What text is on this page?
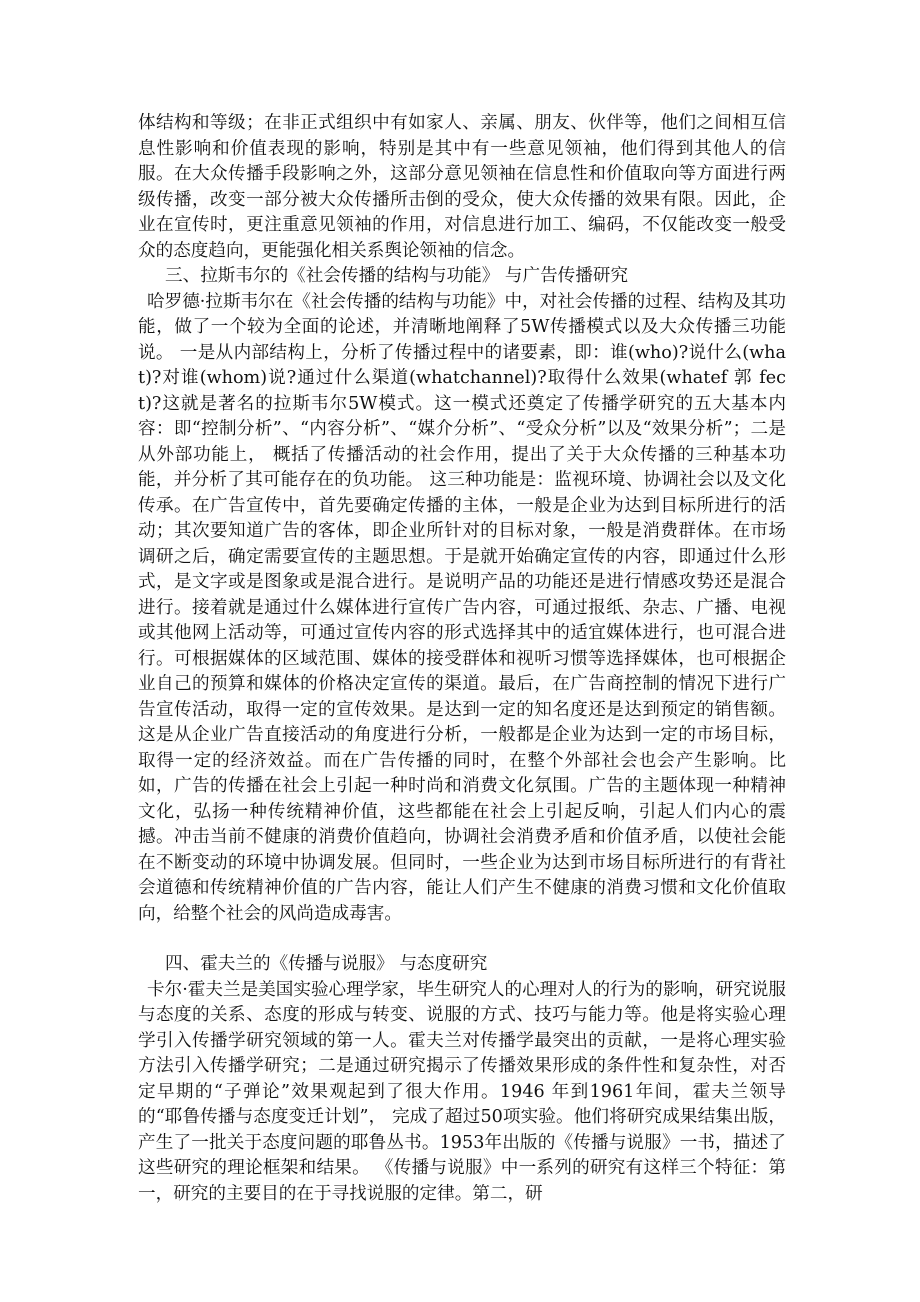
体结构和等级；在非正式组织中有如家人、亲属、朋友、伙伴等，他们之间相互信息性影响和价值表现的影响，特别是其中有一些意见领袖，他们得到其他人的信服。在大众传播手段影响之外，这部分意见领袖在信息性和价值取向等方面进行两级传播，改变一部分被大众传播所击倒的受众，使大众传播的效果有限。因此，企业在宣传时，更注重意见领袖的作用，对信息进行加工、编码，不仅能改变一般受众的态度趋向，更能强化相关系舆论领袖的信念。

三、拉斯韦尔的《社会传播的结构与功能》 与广告传播研究

哈罗德·拉斯韦尔在《社会传播的结构与功能》中，对社会传播的过程、结构及其功能，做了一个较为全面的论述，并清晰地阐释了5W传播模式以及大众传播三功能说。 一是从内部结构上，分析了传播过程中的诸要素，即：谁(who)?说什么(what)?对谁(whom)说?通过什么渠道(whatchannel)?取得什么效果(whatef 郭 fect)?这就是著名的拉斯韦尔5W模式。这一模式还奠定了传播学研究的五大基本内容：即“控制分析”、“内容分析”、“媒介分析”、“受众分析”以及“效果分析”；二是从外部功能上， 概括了传播活动的社会作用，提出了关于大众传播的三种基本功能，并分析了其可能存在的负功能。 这三种功能是：监视环境、协调社会以及文化传承。在广告宣传中，首先要确定传播的主体，一般是企业为达到目标所进行的活动；其次要知道广告的客体，即企业所针对的目标对象，一般是消费群体。在市场调研之后，确定需要宣传的主题思想。于是就开始确定宣传的内容，即通过什么形式，是文字或是图象或是混合进行。是说明产品的功能还是进行情感攻势还是混合进行。接着就是通过什么媒体进行宣传广告内容，可通过报纸、杂志、广播、电视或其他网上活动等，可通过宣传内容的形式选择其中的适宜媒体进行，也可混合进行。可根据媒体的区域范围、媒体的接受群体和视听习惯等选择媒体，也可根据企业自己的预算和媒体的价格决定宣传的渠道。最后，在广告商控制的情况下进行广告宣传活动，取得一定的宣传效果。是达到一定的知名度还是达到预定的销售额。这是从企业广告直接活动的角度进行分析，一般都是企业为达到一定的市场目标，取得一定的经济效益。而在广告传播的同时，在整个外部社会也会产生影响。比如，广告的传播在社会上引起一种时尚和消费文化氛围。广告的主题体现一种精神文化，弘扬一种传统精神价值，这些都能在社会上引起反响，引起人们内心的震撼。冲击当前不健康的消费价值趋向，协调社会消费矛盾和价值矛盾，以使社会能在不断变动的环境中协调发展。但同时，一些企业为达到市场目标所进行的有背社会道德和传统精神价值的广告内容，能让人们产生不健康的消费习惯和文化价值取向，给整个社会的风尚造成毒害。

四、霍夫兰的《传播与说服》 与态度研究

卡尔·霍夫兰是美国实验心理学家，毕生研究人的心理对人的行为的影响，研究说服与态度的关系、态度的形成与转变、说服的方式、技巧与能力等。他是将实验心理学引入传播学研究领域的第一人。霍夫兰对传播学最突出的贡献，一是将心理实验方法引入传播学研究；二是通过研究揭示了传播效果形成的条件性和复杂性，对否定早期的“子弹论”效果观起到了很大作用。1946 年到1961年间，霍夫兰领导的“耶鲁传播与态度变迁计划”， 完成了超过50项实验。他们将研究成果结集出版，产生了一批关于态度问题的耶鲁丛书。1953年出版的《传播与说服》一书，描述了这些研究的理论框架和结果。 《传播与说服》中一系列的研究有这样三个特征：第一，研究的主要目的在于寻找说服的定律。第二，研
